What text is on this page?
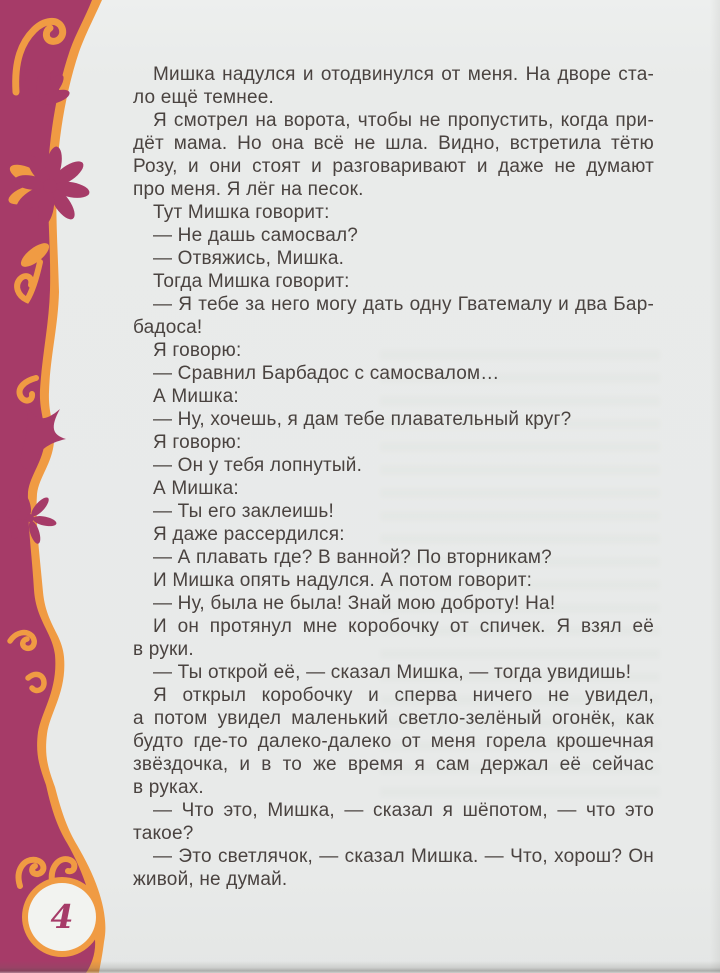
4
Мишка надулся и отодвинулся от меня. На дворе ста-
ло ещё темнее.
Я смотрел на ворота, чтобы не пропустить, когда при-
дёт мама. Но она всё не шла. Видно, встретила тётю
Розу, и они стоят и разговаривают и даже не думают
про меня. Я лёг на песок.
Тут Мишка говорит:
— Не дашь самосвал?
— Отвяжись, Мишка.
Тогда Мишка говорит:
— Я тебе за него могу дать одну Гватемалу и два Бар-
бадоса!
Я говорю:
— Сравнил Барбадос с самосвалом…
А Мишка:
— Ну, хочешь, я дам тебе плавательный круг?
Я говорю:
— Он у тебя лопнутый.
А Мишка:
— Ты его заклеишь!
Я даже рассердился:
— А плавать где? В ванной? По вторникам?
И Мишка опять надулся. А потом говорит:
— Ну, была не была! Знай мою доброту! На!
И он протянул мне коробочку от спичек. Я взял её
в руки.
— Ты открой её, — сказал Мишка, — тогда увидишь!
Я открыл коробочку и сперва ничего не увидел,
а потом увидел маленький светло-зелёный огонёк, как
будто где-то далеко-далеко от меня горела крошечная
звёздочка, и в то же время я сам держал её сейчас
в руках.
— Что это, Мишка, — сказал я шёпотом, — что это
такое?
— Это светлячок, — сказал Мишка. — Что, хорош? Он
живой, не думай.
